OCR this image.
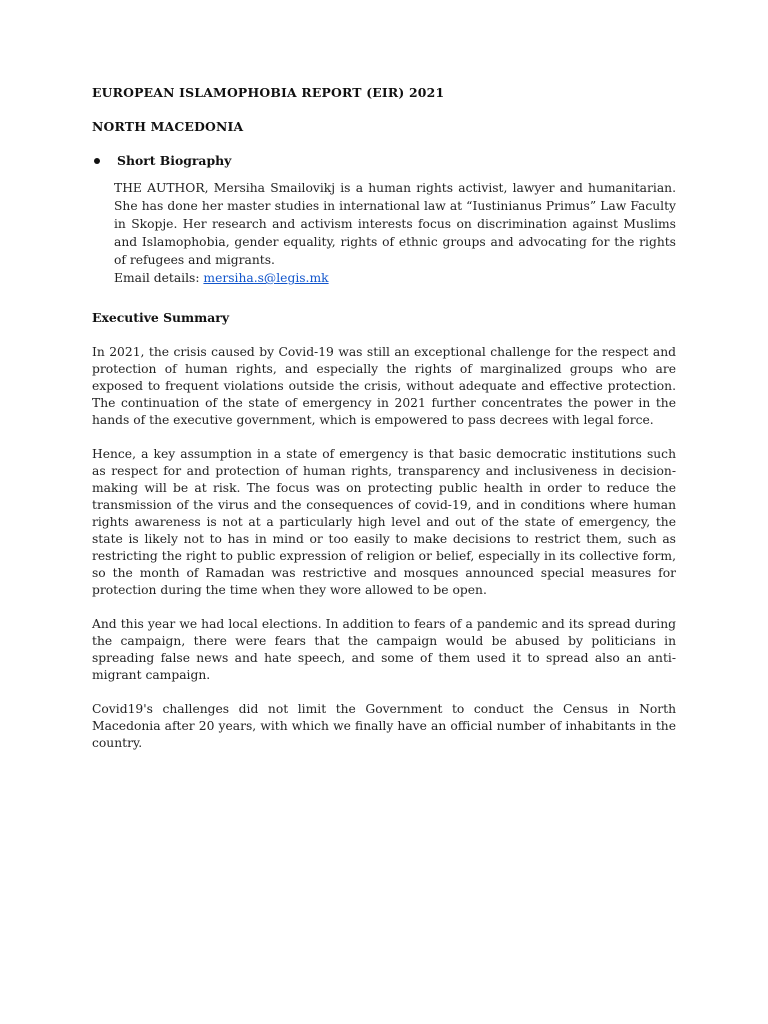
EUROPEAN ISLAMOPHOBIA REPORT (EIR) 2021

NORTH MACEDONIA

Short Biography

THE AUTHOR, Mersiha Smailovikj is a human rights activist, lawyer and humanitarian. She has done her master studies in international law at “Iustinianus Primus” Law Faculty in Skopje. Her research and activism interests focus on discrimination against Muslims and Islamophobia, gender equality, rights of ethnic groups and advocating for the rights of refugees and migrants.

Email details: mersiha.s@legis.mk

Executive Summary

In 2021, the crisis caused by Covid-19 was still an exceptional challenge for the respect and protection of human rights, and especially the rights of marginalized groups who are exposed to frequent violations outside the crisis, without adequate and effective protection. The continuation of the state of emergency in 2021 further concentrates the power in the hands of the executive government, which is empowered to pass decrees with legal force.

Hence, a key assumption in a state of emergency is that basic democratic institutions such as respect for and protection of human rights, transparency and inclusiveness in decision-making will be at risk. The focus was on protecting public health in order to reduce the transmission of the virus and the consequences of covid-19, and in conditions where human rights awareness is not at a particularly high level and out of the state of emergency, the state is likely not to has in mind or too easily to make decisions to restrict them, such as restricting the right to public expression of religion or belief, especially in its collective form, so the month of Ramadan was restrictive and mosques announced special measures for protection during the time when they wore allowed to be open.

And this year we had local elections. In addition to fears of a pandemic and its spread during the campaign, there were fears that the campaign would be abused by politicians in spreading false news and hate speech, and some of them used it to spread also an anti-migrant campaign.

Covid19's challenges did not limit the Government to conduct the Census in North Macedonia after 20 years, with which we finally have an official number of inhabitants in the country.
